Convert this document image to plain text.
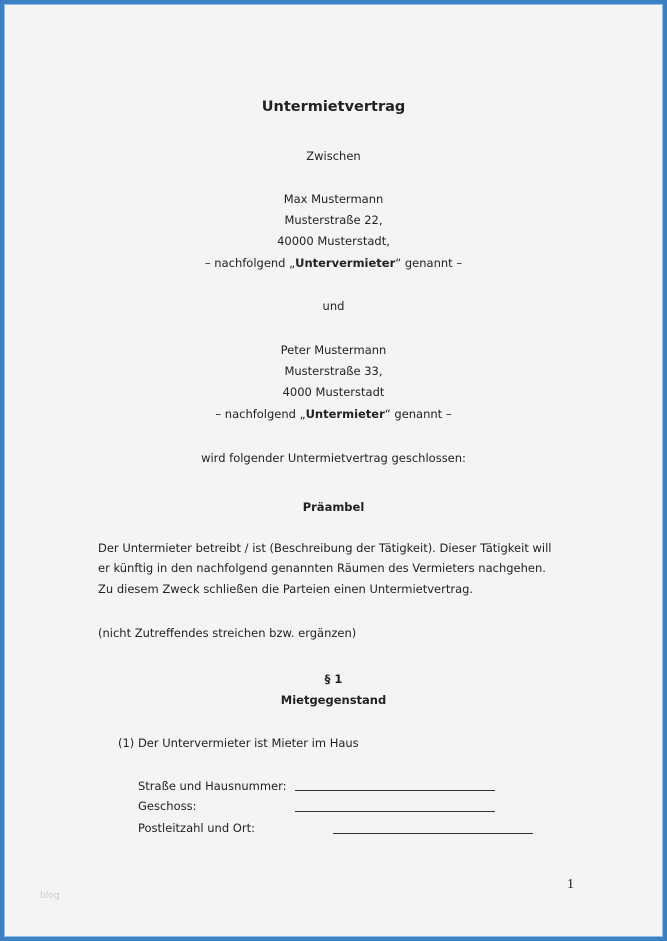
Untermietvertrag
Zwischen
Max Mustermann
Musterstraße 22,
40000 Musterstadt,
– nachfolgend „Untervermieter“ genannt –
und
Peter Mustermann
Musterstraße 33,
4000 Musterstadt
– nachfolgend „Untermieter“ genannt –
wird folgender Untermietvertrag geschlossen:
Präambel
Der Untermieter betreibt / ist (Beschreibung der Tätigkeit). Dieser Tätigkeit will
er künftig in den nachfolgend genannten Räumen des Vermieters nachgehen.
Zu diesem Zweck schließen die Parteien einen Untermietvertrag.
(nicht Zutreffendes streichen bzw. ergänzen)
§ 1
Mietgegenstand
(1) Der Untervermieter ist Mieter im Haus
Straße und Hausnummer:
Geschoss:
Postleitzahl und Ort:
1
blog
